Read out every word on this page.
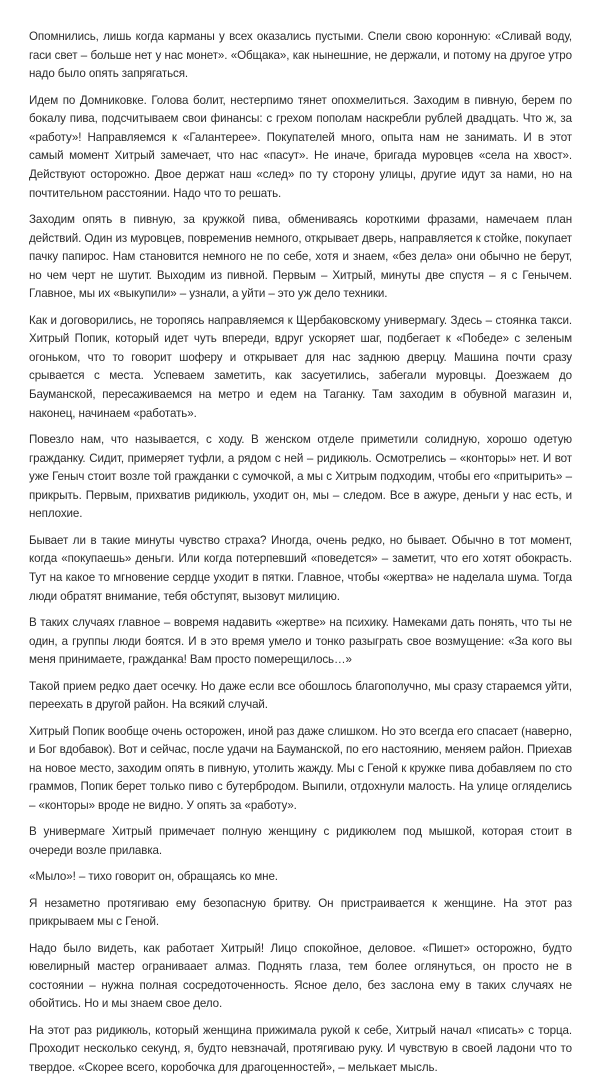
Опомнились, лишь когда карманы у всех оказались пустыми. Спели свою коронную: «Сливай воду, гаси свет – больше нет у нас монет». «Общака», как нынешние, не держали, и потому на другое утро надо было опять запрягаться.

Идем по Домниковке. Голова болит, нестерпимо тянет опохмелиться. Заходим в пивную, берем по бокалу пива, подсчитываем свои финансы: с грехом пополам наскребли рублей двадцать. Что ж, за «работу»! Направляемся к «Галантерее». Покупателей много, опыта нам не занимать. И в этот самый момент Хитрый замечает, что нас «пасут». Не иначе, бригада муровцев «села на хвост». Действуют осторожно. Двое держат наш «след» по ту сторону улицы, другие идут за нами, но на почтительном расстоянии. Надо что то решать.

Заходим опять в пивную, за кружкой пива, обмениваясь короткими фразами, намечаем план действий. Один из муровцев, повременив немного, открывает дверь, направляется к стойке, покупает пачку папирос. Нам становится немного не по себе, хотя и знаем, «без дела» они обычно не берут, но чем черт не шутит. Выходим из пивной. Первым – Хитрый, минуты две спустя – я с Генычем. Главное, мы их «выкупили» – узнали, а уйти – это уж дело техники.

Как и договорились, не торопясь направляемся к Щербаковскому универмагу. Здесь – стоянка такси. Хитрый Попик, который идет чуть впереди, вдруг ускоряет шаг, подбегает к «Победе» с зеленым огоньком, что то говорит шоферу и открывает для нас заднюю дверцу. Машина почти сразу срывается с места. Успеваем заметить, как засуетились, забегали муровцы. Доезжаем до Бауманской, пересаживаемся на метро и едем на Таганку. Там заходим в обувной магазин и, наконец, начинаем «работать».

Повезло нам, что называется, с ходу. В женском отделе приметили солидную, хорошо одетую гражданку. Сидит, примеряет туфли, а рядом с ней – ридикюль. Осмотрелись – «конторы» нет. И вот уже Геныч стоит возле той гражданки с сумочкой, а мы с Хитрым подходим, чтобы его «притырить» – прикрыть. Первым, прихватив ридикюль, уходит он, мы – следом. Все в ажуре, деньги у нас есть, и неплохие.

Бывает ли в такие минуты чувство страха? Иногда, очень редко, но бывает. Обычно в тот момент, когда «покупаешь» деньги. Или когда потерпевший «поведется» – заметит, что его хотят обокрасть. Тут на какое то мгновение сердце уходит в пятки. Главное, чтобы «жертва» не наделала шума. Тогда люди обратят внимание, тебя обступят, вызовут милицию.

В таких случаях главное – вовремя надавить «жертве» на психику. Намеками дать понять, что ты не один, а группы люди боятся. И в это время умело и тонко разыграть свое возмущение: «За кого вы меня принимаете, гражданка! Вам просто померещилось…»

Такой прием редко дает осечку. Но даже если все обошлось благополучно, мы сразу стараемся уйти, переехать в другой район. На всякий случай.

Хитрый Попик вообще очень осторожен, иной раз даже слишком. Но это всегда его спасает (наверно, и Бог вдобавок). Вот и сейчас, после удачи на Бауманской, по его настоянию, меняем район. Приехав на новое место, заходим опять в пивную, утолить жажду. Мы с Геной к кружке пива добавляем по сто граммов, Попик берет только пиво с бутербродом. Выпили, отдохнули малость. На улице огляделись – «конторы» вроде не видно. У опять за «работу».

В универмаге Хитрый примечает полную женщину с ридикюлем под мышкой, которая стоит в очереди возле прилавка.

«Мыло»! – тихо говорит он, обращаясь ко мне.

Я незаметно протягиваю ему безопасную бритву. Он пристраивается к женщине. На этот раз прикрываем мы с Геной.

Надо было видеть, как работает Хитрый! Лицо спокойное, деловое. «Пишет» осторожно, будто ювелирный мастер ограниваает алмаз. Поднять глаза, тем более оглянуться, он просто не в состоянии – нужна полная сосредоточенность. Ясное дело, без заслона ему в таких случаях не обойтись. Но и мы знаем свое дело.

На этот раз ридикюль, который женщина прижимала рукой к себе, Хитрый начал «писать» с торца. Проходит несколько секунд, я, будто невзначай, протягиваю руку. И чувствую в своей ладони что то твердое. «Скорее всего, коробочка для драгоценностей», – мелькает мысль.
